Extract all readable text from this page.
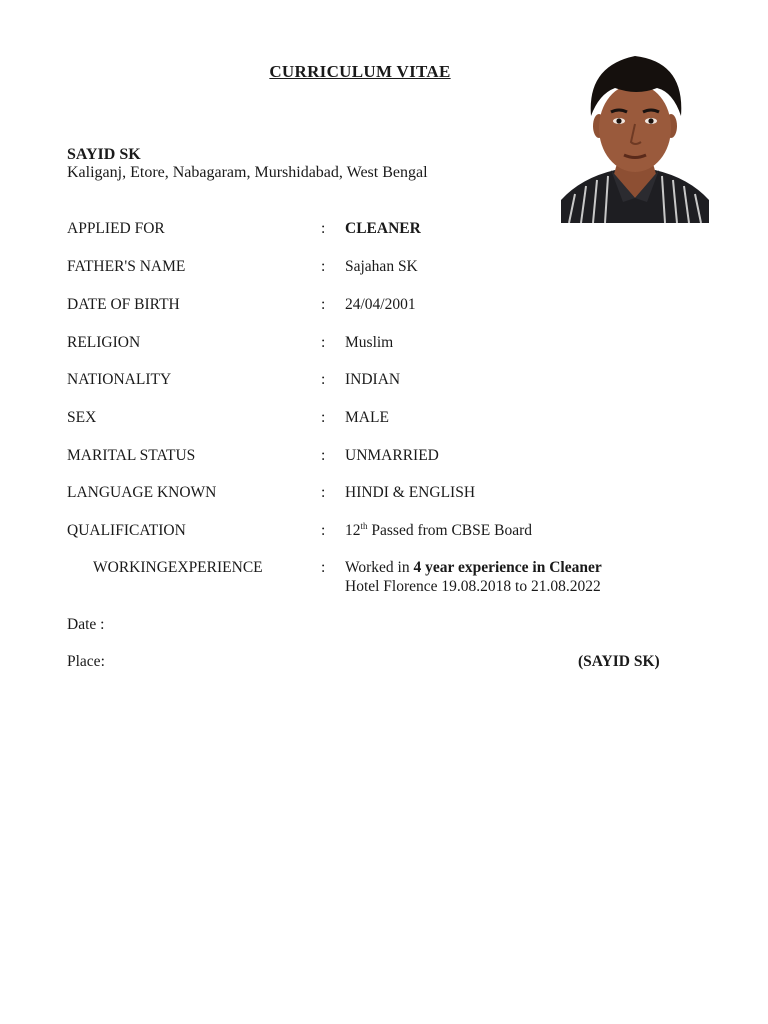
CURRICULUM VITAE
SAYID SK
Kaliganj, Etore, Nabagaram, Murshidabad, West Bengal
APPLIED FOR	: CLEANER
FATHER'S NAME	: Sajahan SK
DATE OF BIRTH	: 24/04/2001
RELIGION	: Muslim
NATIONALITY	: INDIAN
SEX	: MALE
MARITAL STATUS	: UNMARRIED
LANGUAGE KNOWN	: HINDI & ENGLISH
QUALIFICATION	: 12th Passed from CBSE Board
WORKINGEXPERIENCE	: Worked in 4 year experience in Cleaner
Hotel Florence 19.08.2018 to 21.08.2022
Date :
Place:	(SAYID SK)
